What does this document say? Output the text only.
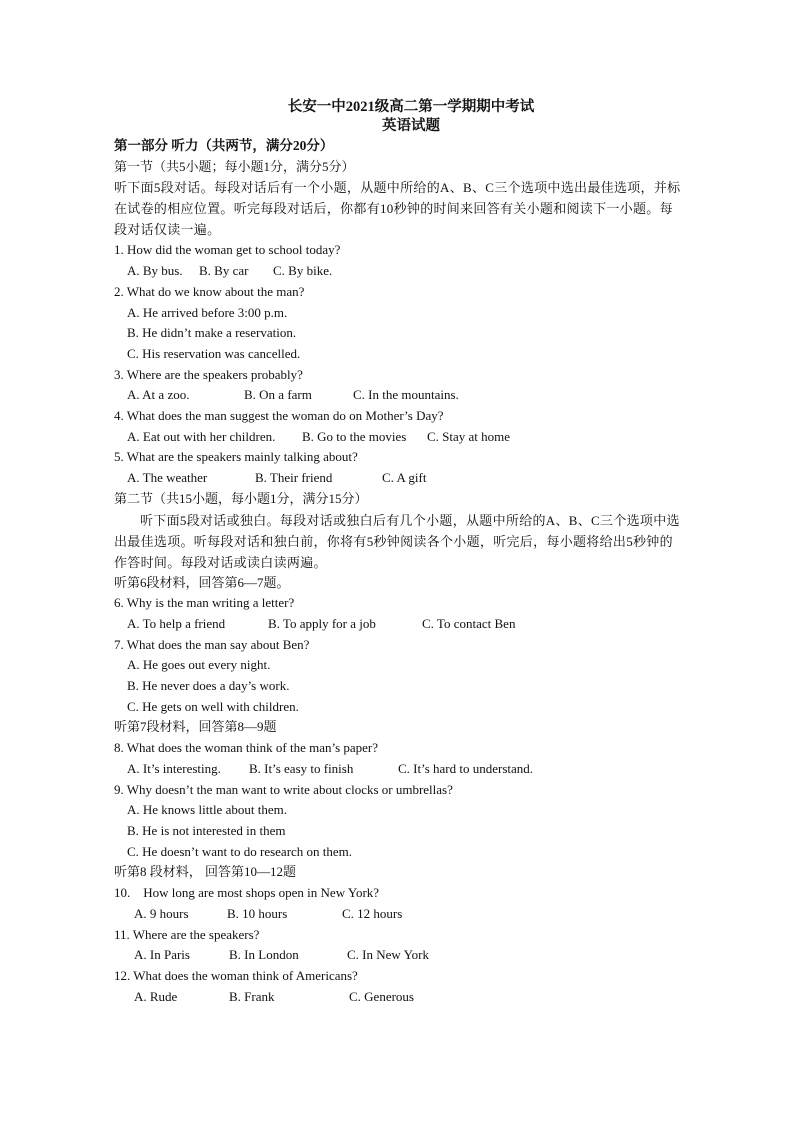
长安一中2021级高二第一学期期中考试
英语试题
第一部分 听力（共两节，满分20分）
第一节（共5小题；每小题1分，满分5分）
听下面5段对话。每段对话后有一个小题，从题中所给的A、B、C三个选项中选出最佳选项，并标在试卷的相应位置。听完每段对话后，你都有10秒钟的时间来回答有关小题和阅读下一小题。每段对话仅读一遍。
1. How did the woman get to school today?
A. By bus. B. By car C. By bike.
2. What do we know about the man?
A. He arrived before 3:00 p.m.
B. He didn’t make a reservation.
C. His reservation was cancelled.
3. Where are the speakers probably?
A. At a zoo.	B. On a farm	C. In the mountains.
4. What does the man suggest the woman do on Mother’s Day?
A. Eat out with her children. B. Go to the movies C. Stay at home
5. What are the speakers mainly talking about?
A. The weather	B. Their friend	C. A gift
第二节（共15小题，每小题1分，满分15分）
听下面5段对话或独白。每段对话或独白后有几个小题，从题中所给的A、B、C三个选项中选出最佳选项。听每段对话和独白前，你将有5秒钟阅读各个小题，听完后，每小题将给出5秒钟的作答时间。每段对话或读白读两遍。
听第6段材料，回答第6—7题。
6. Why is the man writing a letter?
A. To help a friend	B. To apply for a job	C. To contact Ben
7. What does the man say about Ben?
A. He goes out every night.
B. He never does a day’s work.
C. He gets on well with children.
听第7段材料，回答第8—9题
8. What does the woman think of the man’s paper?
A. It’s interesting. B. It’s easy to finish	C. It’s hard to understand.
9. Why doesn’t the man want to write about clocks or umbrellas?
A. He knows little about them.
B. He is not interested in them
C. He doesn’t want to do research on them.
听第8 段材料， 回答第10—12题
10.    How long are most shops open in New York?
A. 9 hours	B. 10 hours	C. 12 hours
11. Where are the speakers?
A. In Paris	B. In London	C. In New York
12. What does the woman think of Americans?
A. Rude	B. Frank	C. Generous
